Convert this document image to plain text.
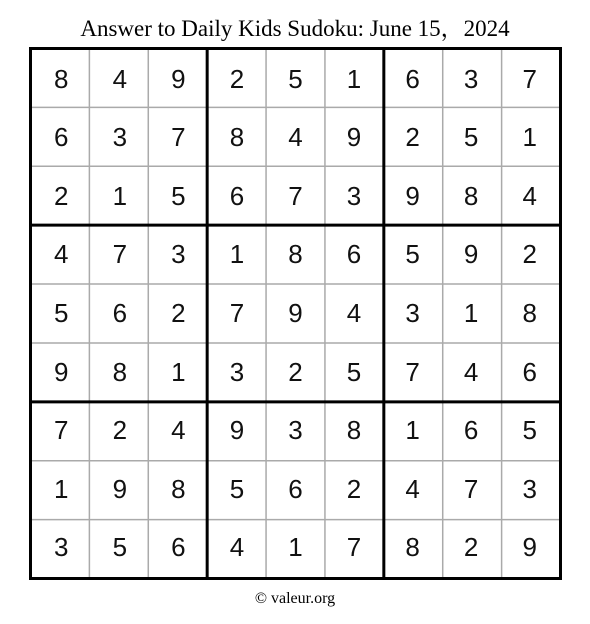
Answer to Daily Kids Sudoku: June 15，2024
8	4	9	2	5	1	6	3	7
6	3	7	8	4	9	2	5	1
2	1	5	6	7	3	9	8	4
4	7	3	1	8	6	5	9	2
5	6	2	7	9	4	3	1	8
9	8	1	3	2	5	7	4	6
7	2	4	9	3	8	1	6	5
1	9	8	5	6	2	4	7	3
3	5	6	4	1	7	8	2	9
© valeur.org
